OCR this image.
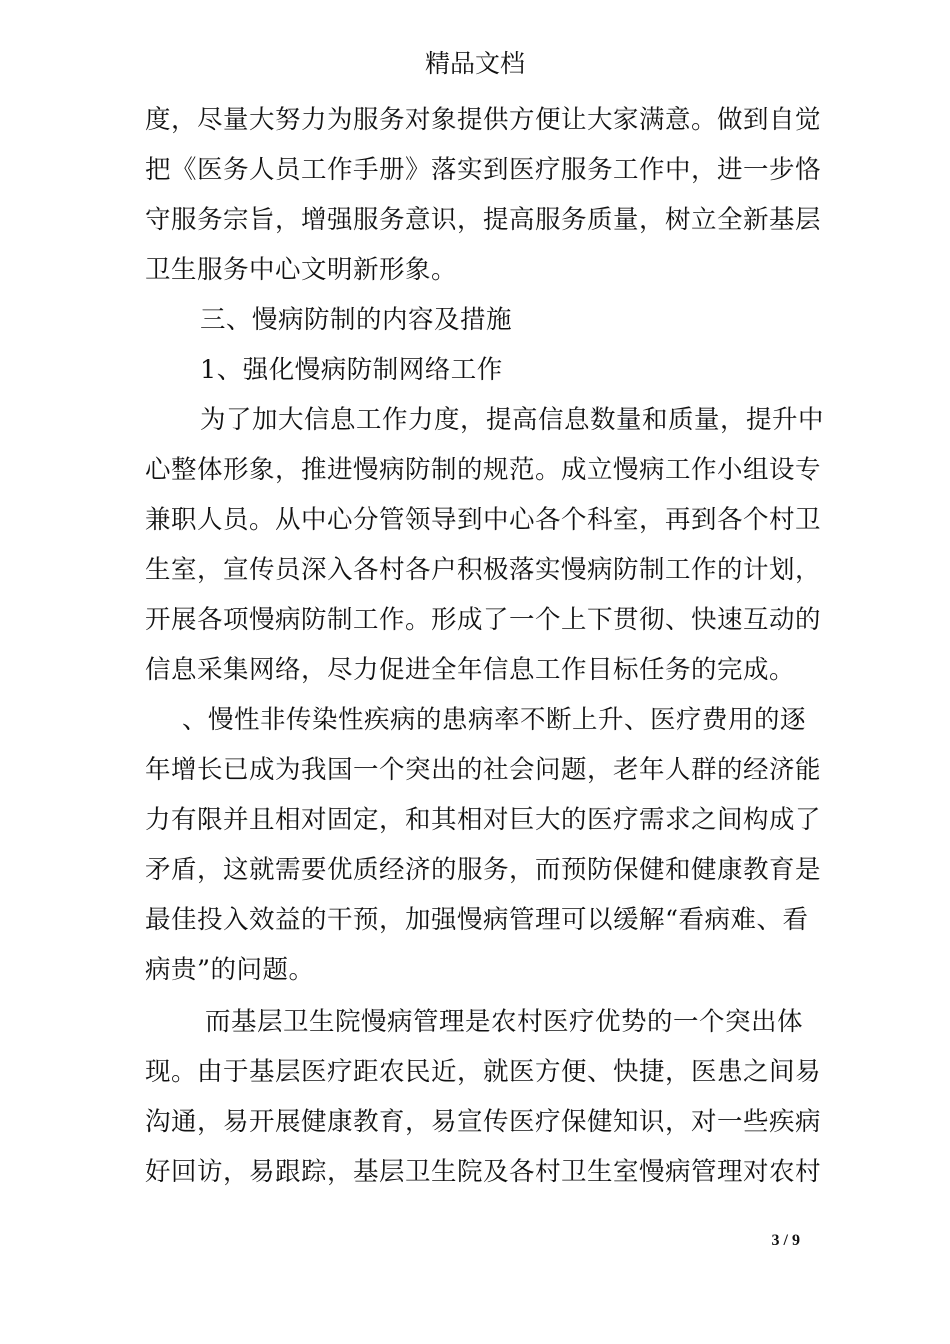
精品文档
度，尽量大努力为服务对象提供方便让大家满意。做到自觉
把《医务人员工作手册》落实到医疗服务工作中，进一步恪
守服务宗旨，增强服务意识，提高服务质量，树立全新基层
卫生服务中心文明新形象。
三、慢病防制的内容及措施
1、强化慢病防制网络工作
为了加大信息工作力度，提高信息数量和质量，提升中
心整体形象，推进慢病防制的规范。成立慢病工作小组设专
兼职人员。从中心分管领导到中心各个科室，再到各个村卫
生室，宣传员深入各村各户积极落实慢病防制工作的计划，
开展各项慢病防制工作。形成了一个上下贯彻、快速互动的
信息采集网络，尽力促进全年信息工作目标任务的完成。
、慢性非传染性疾病的患病率不断上升、医疗费用的逐
年增长已成为我国一个突出的社会问题，老年人群的经济能
力有限并且相对固定，和其相对巨大的医疗需求之间构成了
矛盾，这就需要优质经济的服务，而预防保健和健康教育是
最佳投入效益的干预，加强慢病管理可以缓解“看病难、看
病贵”的问题。
而基层卫生院慢病管理是农村医疗优势的一个突出体
现。由于基层医疗距农民近，就医方便、快捷，医患之间易
沟通，易开展健康教育，易宣传医疗保健知识，对一些疾病
好回访，易跟踪，基层卫生院及各村卫生室慢病管理对农村
3 / 9
